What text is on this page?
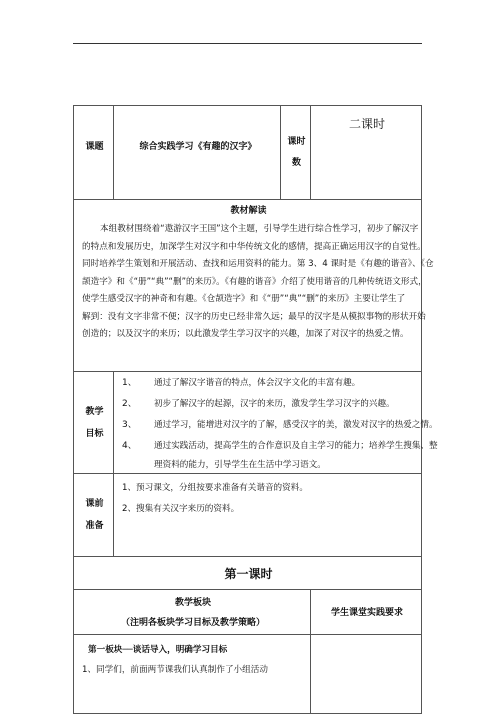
课题	综合实践学习《有趣的汉字》	课时
数
二课时
教材解读
本组教材围绕着“遨游汉字王国”这个主题，引导学生进行综合性学习，初步了解汉字
的特点和发展历史，加深学生对汉字和中华传统文化的感情，提高正确运用汉字的自觉性。
同时培养学生策划和开展活动、查找和运用资料的能力。第 3、4 课时是《有趣的谐音》、《仓
颉造字》和《“册”“典”“删”的来历》。《有趣的谐音》介绍了使用谐音的几种传统语文形式，
使学生感受汉字的神奇和有趣。《仓颉造字》和《“册”“典”“删”的来历》主要让学生了
解到：没有文字非常不便；汉字的历史已经非常久远；最早的汉字是从模拟事物的形状开始
创造的；以及汉字的来历；以此激发学生学习汉字的兴趣，加深了对汉字的热爱之情。
教学
目标
1、 通过了解汉字谐音的特点，体会汉字文化的丰富有趣。
2、 初步了解汉字的起源，汉字的来历，激发学生学习汉字的兴趣。
3、 通过学习，能增进对汉字的了解，感受汉字的美，激发对汉字的热爱之情。
4、 通过实践活动，提高学生的合作意识及自主学习的能力；培养学生搜集、整
理资料的能力，引导学生在生活中学习语文。
课前
准备
1、预习课文，分组按要求准备有关谐音的资料。
2、搜集有关汉字来历的资料。
第一课时
教学板块
（注明各板块学习目标及教学策略）
学生课堂实践要求
第一板块──谈话导入，明确学习目标
1、同学们，前面两节课我们认真制作了小组活动
